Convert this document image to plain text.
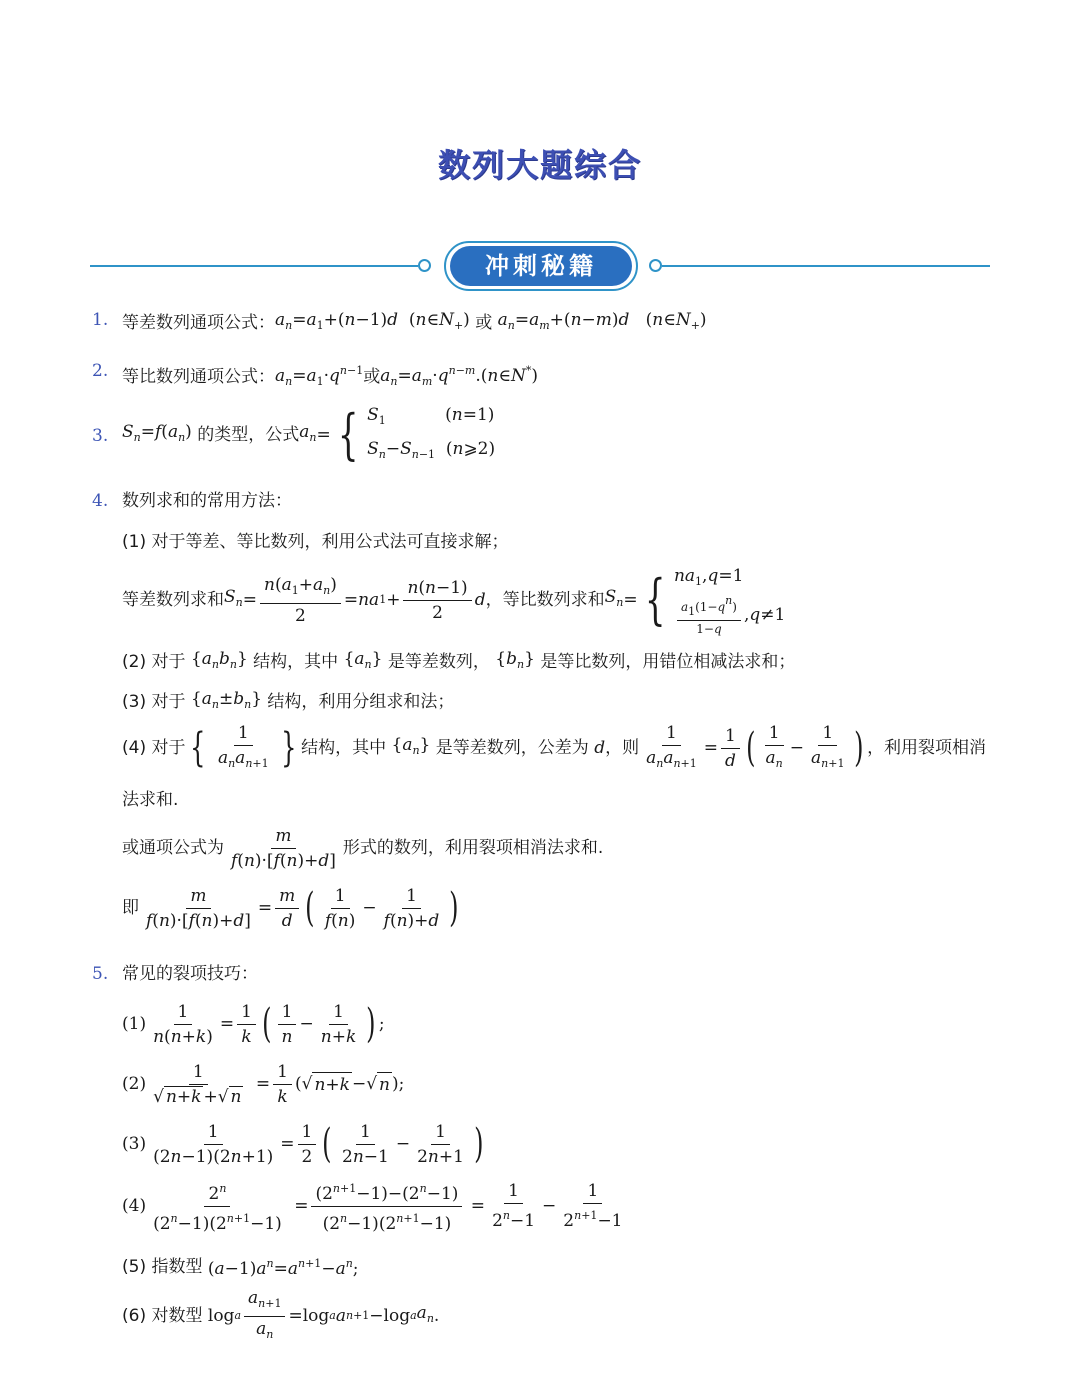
数列大题综合
冲刺秘籍
1. 等差数列通项公式： $a_n=a_1+(n-1)d$  $(n\in N_+)$ 或 $a_n=a_m+(n-m)d$   $(n\in N_+)$
2. 等比数列通项公式： $a_n=a_1\cdot q^{n-1}$ 或 $a_n=a_m\cdot q^{n-m}.(n\in N^*)$
3. $S_n=f(a_n)$ 的类型，公式 $a_n$ = { $S_1$           (n=1)
$S_n-S_{n-1}$  (n⩾2)
4. 数列求和的常用方法：
(1) 对于等差、等比数列，利用公式法可直接求解；
等差数列求和 $S_n = \frac{n(a_1+a_n)}{2}$ = na $1 + \frac{n(n-1)}{2}$ d ，等比数列求和 $S_n$ = { $na_1,q=1$
$\frac{a_1(1-q^n)}{1-q}$ , q ≠1
(2) 对于 $\{a_nb_n\}$ 结构，其中 $\{a_n\}$ 是等差数列， $\{b_n\}$ 是等比数列，用错位相减法求和；
(3) 对于 $\{a_n\pm b_n\}$ 结构，利用分组求和法；
(4) 对于 { $\frac{1}{a_na_{n+1}}$ } 结构，其中 $\{a_n\}$ 是等差数列，公差为 d ，则 $\frac{1}{a_na_{n+1}} = \frac{1}{d}$ ( $\frac{1}{a_n} - \frac{1}{a_{n+1}}$ ) ，利用裂项相消
法求和.
或通项公式为 $\frac{m}{f(n)\cdot[f(n)+d]}$ 形式的数列，利用裂项相消法求和.
即 $\frac{m}{f(n)\cdot[f(n)+d]} = \frac{m}{d}$ ( $\frac{1}{f(n)} - \frac{1}{f(n)+d}$ )
5. 常见的裂项技巧：
$(1) \frac{1}{n(n+k)} = \frac{1}{k}$ ( $\frac{1}{n} - \frac{1}{n+k}$ ) ;
$(2) \frac{1}{√ n+k +√ n} = \frac{1}{k}$ (√ n+k −√ n );
$(3) \frac{1}{(2n-1)(2n+1)} = \frac{1}{2}$ ( $\frac{1}{2n-1} - \frac{1}{2n+1}$ )
$(4) \frac{2^n}{(2^n-1)(2^{n+1}-1)} = \frac{(2^{n+1}-1)-(2^n-1)}{(2^n-1)(2^{n+1}-1)} = \frac{1}{2^n-1} - \frac{1}{2^{n+1}-1}$
(5) 指数型 $(a-1)a^n=a^{n+1}-a^n$;
(6) 对数型 log a $\frac{a_{n+1}}{a_n} =\log$ a a n+1 −log a $a_n$ .
